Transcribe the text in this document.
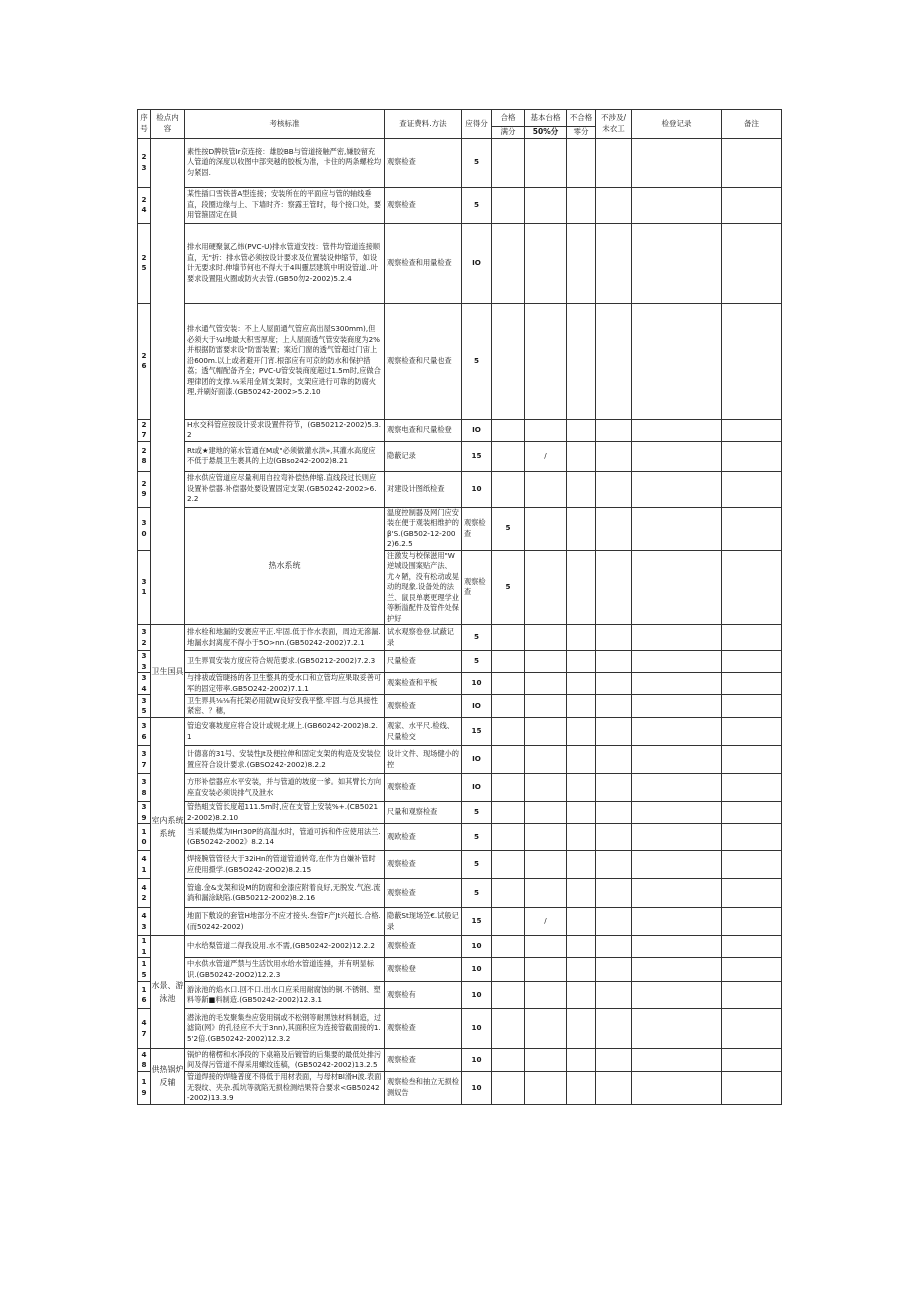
序号	检点内容	考核标准	查证费料.方法	应得分	合格	基本台格	不合格	不涉及/未衣工	检登记录	备注	
					满分	50%分	零分				
23		素性按D脾铁管Ir京连接：雄胶BB与管道接触严密,嫌胶留充人管道的深度以收图中部突越的胶板为准，卡住的两条螺栓均匀紧固.	观察检查	5							
24		某性插口雪铁普A型连接；安装所在的平面应与管的轴线垂直，段圈边缘与上、下墙时齐：察露王管时，每个接口处，要用管箍固定在員	观察检查	5							
25		排水用硬聚氯乙炜(PVC-U)排水管道安技：管件均管道连接顺直，无"折：排水管必须按设计要求及位置装设伸缩节，如设计无要求时.伸墙节何也不得大于4叫靈层建筑中明设管道..叶要求设置阻火圈或防火去管.(GB50勿2-2002)5.2.4	观察检查和用量检查	IO							
26		排水通气管安装：不上人屋面通气管应高出屋S300mm),但必须大于¼I地最大积雪厚度；上人屋面透气管安装商度为2%并根据防雷要求设"防雷装置；案近门窗的透气管超过门宙上沿600m.以上或者避开门宵.根部应有可京的防水和保护措荔；透气帽配备齐全；PVC-U管安装商度超过1.5m时,应做合理律团的支撑.⅛采用金屑支架时，支架应进行可靠的防腐火理,并刷好面漆.(GB50242-2002>5.2.10	观察检查和尺量也查	5							
27		H水交科管应按设计妥求设置件符节，(GB50212-2002)5.3.2	观察电查和尺量检登	IO							
28		Rt或★建地的第水管通在M或"必须做灌水洪»,其灌水高度应不低于悬晨卫生裹具的上边(GBso242-2002)8.21	隐蔽记录	15		/					
29		排水供应管道应尽量利用自拉弯补偿热伸缩.直线段过长则应设置补偿器.补偿器处要设置固定支架.(GB50242-2002>6.2.2	对建设计图纸检查	10							
30		热水系统	温度控制器及网门应安装在便于观装相维护的β'S.(GB502-12-2002)6.2.5	观察检查	5						
31			注激发与校保滋用"W逆城设围案贴产法、尤々陋，没有松动或晃动的现象.设备处的法兰、鼠艮单裹更理学业等断溢配件及管件处保护好	观察检查	5						
32	卫生国具	排水栓和地漏的安裹应平正.牢固.低于作水表面，周边无滲漏.地漏水封离度不得小于5O>nn.(GB50242-2002)7.2.1	试水观察卷登.试蔽记录	5							
33		卫生界買安装方度应符合规范要求.(GB50212-2002)7.2.3	尺量检查	5							
34		与排祓或管睫扬的各卫生整具的受水口和立管均应果取妥善可军的固定带率.GB5O242-2002)7.1.1	观案检查和平板	10							
35		卫生界具⅛⅛有托架必用就W良好安我平整.牢固.与总具接性紧密、？穗，	观察检查	IO							
36	室内系统系统	管追安褰坡度应将合设计或规北规上.(GB60242-2002)8.2.1	观家、水平尺.检线、尺量检交	15							
37		计德喜的31号、安装性Jt及便拉伸和固定支架的构造及安装位置应符合设计要求.(GBSO242-2002)8.2.2	设计文件、现场健小的控	IO							
38		方形补偿器应水平安装，并与管道的坡度一爹。如其臂长方向座直安装必须说排气及泄水	观察检查	IO							
39		管热蛆支管长度超111.5m时,应在支管上安装%+.(CB50212-2002)8.2.10	尺量和观察检查	5							
10		当采暖热煤为IHrI30P的高温水时，管道可拆和件应使用法兰.(GB50242-2002》8.2.14	观欧检查	5							
41		焊接腕管管径大于32iHn的管道管道转弯,在作为自嫌补管时应使用摄学.(GB5O242-2OO2)8.2.15	观察检查	5							
42		管逾.金&支架和设M的防腐和金漆应附着良好,无脱发.气泡.流淌和漏涂缺陷.(GB50212-2002)8.2.16	观察检查	5							
43		地面下敷设的套管H地部分不应才接头.叁管F产Jt兴超长.合格.(而50242-2002)	隐蔽St现场笠€.试般记录	15		/					
11	水景、游泳池	中水给梨管道二得我设用.水不需,(GB50242-2002)12.2.2	观察检查	10							
15		中水供水管道严禁与生活饮用水给水管道连捶，并有明显标识.(GB50242-20O2)12.2.3	观察检登	10							
16		游泳池的焰水口.回不口.出水口应采用耐腐蚀的铜.不锈钢、塑料等龂■料制造.(GB50242-2002)12.3.1	观察检有	10							
47		潜泳池的毛发聚集叁应袋用锅或不松钢等耐黑蚀材料制造，过滤筒(网》的孔径应不大于3nn),其面积应为连接管截面接的1.5'2倍.(GB50242-2002)12.3.2	观察检查	10							
48	供热锅炉反辅	锅炉的楮楞和水凈段的下桌箱及后镀管的后集要的最低处排污间及得污管道不得采用螺纹连稿，(GB50242-2002)13.2.5	观察检查	10							
19		管道焊接的焊缝普度不得低于用材表面，与母材Bl滑H波.表面无裂纹、夹杂.孤坑等就陷无损检测结果符合要求<GB50242-2002)13.3.9	观察检叁和抽立无损检测奴告	10							
